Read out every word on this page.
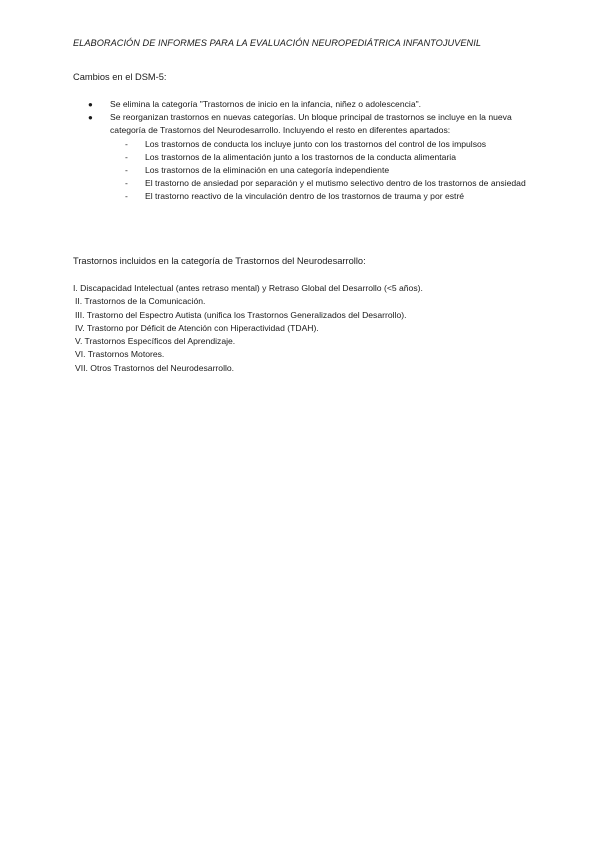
ELABORACIÓN DE INFORMES PARA LA EVALUACIÓN NEUROPEDIÁTRICA INFANTOJUVENIL
Cambios en el DSM-5:
● Se elimina la categoría "Trastornos de inicio en la infancia, niñez o adolescencia".
● Se reorganizan trastornos en nuevas categorías. Un bloque principal de trastornos se incluye en la nueva categoría de Trastornos del Neurodesarrollo. Incluyendo el resto en diferentes apartados:
- Los trastornos de conducta los incluye junto con los trastornos del control de los impulsos
- Los trastornos de la alimentación junto a los trastornos de la conducta alimentaria
- Los trastornos de la eliminación en una categoría independiente
- El trastorno de ansiedad por separación y el mutismo selectivo dentro de los trastornos de ansiedad
- El trastorno reactivo de la vinculación dentro de los trastornos de trauma y por estré
Trastornos incluidos en la categoría de Trastornos del Neurodesarrollo:
I. Discapacidad Intelectual (antes retraso mental) y Retraso Global del Desarrollo (<5 años).
II. Trastornos de la Comunicación.
III. Trastorno del Espectro Autista (unifica los Trastornos Generalizados del Desarrollo).
IV. Trastorno por Déficit de Atención con Hiperactividad (TDAH).
V. Trastornos Específicos del Aprendizaje.
VI. Trastornos Motores.
VII. Otros Trastornos del Neurodesarrollo.
